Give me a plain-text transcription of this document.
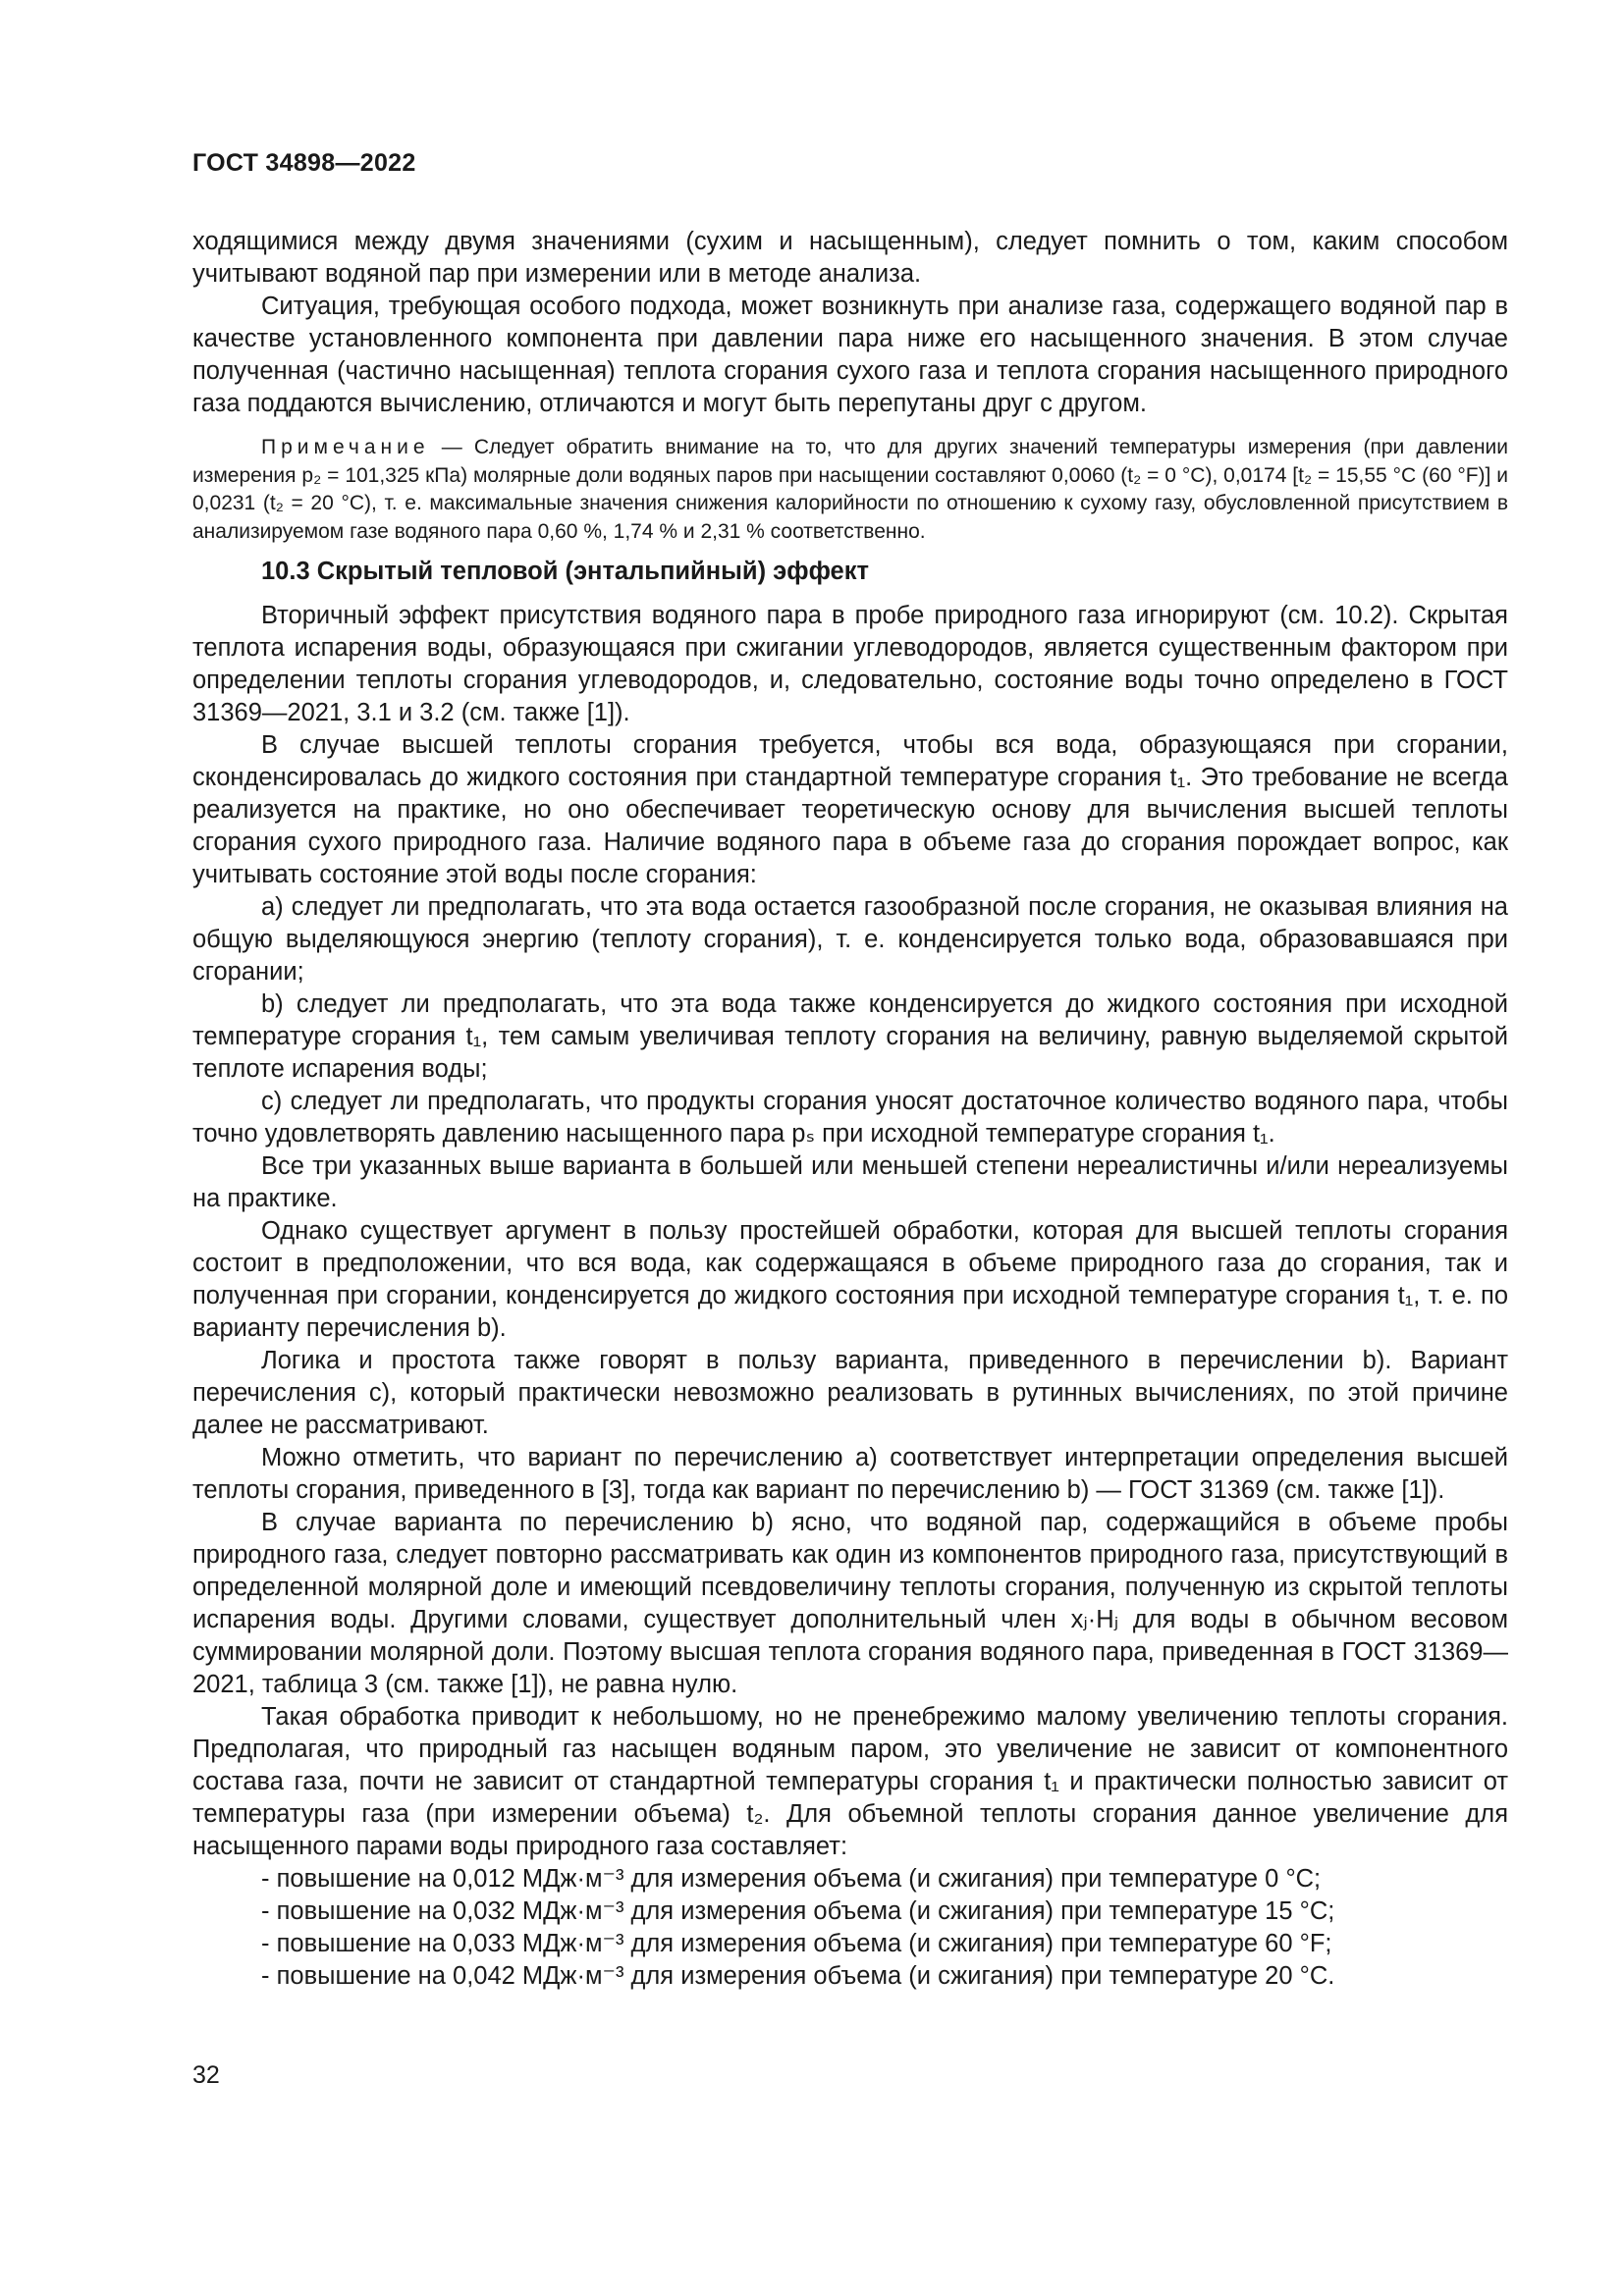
ГОСТ 34898—2022

ходящимися между двумя значениями (сухим и насыщенным), следует помнить о том, каким способом учитывают водяной пар при измерении или в методе анализа.

Ситуация, требующая особого подхода, может возникнуть при анализе газа, содержащего водяной пар в качестве установленного компонента при давлении пара ниже его насыщенного значения. В этом случае полученная (частично насыщенная) теплота сгорания сухого газа и теплота сгорания насыщенного природного газа поддаются вычислению, отличаются и могут быть перепутаны друг с другом.

Примечание — Следует обратить внимание на то, что для других значений температуры измерения (при давлении измерения p₂ = 101,325 кПа) молярные доли водяных паров при насыщении составляют 0,0060 (t₂ = 0 °C), 0,0174 [t₂ = 15,55 °C (60 °F)] и 0,0231 (t₂ = 20 °C), т. е. максимальные значения снижения калорийности по отношению к сухому газу, обусловленной присутствием в анализируемом газе водяного пара 0,60 %, 1,74 % и 2,31 % соответственно.

10.3 Скрытый тепловой (энтальпийный) эффект

Вторичный эффект присутствия водяного пара в пробе природного газа игнорируют (см. 10.2). Скрытая теплота испарения воды, образующаяся при сжигании углеводородов, является существенным фактором при определении теплоты сгорания углеводородов, и, следовательно, состояние воды точно определено в ГОСТ 31369—2021, 3.1 и 3.2 (см. также [1]).

В случае высшей теплоты сгорания требуется, чтобы вся вода, образующаяся при сгорании, сконденсировалась до жидкого состояния при стандартной температуре сгорания t₁. Это требование не всегда реализуется на практике, но оно обеспечивает теоретическую основу для вычисления высшей теплоты сгорания сухого природного газа. Наличие водяного пара в объеме газа до сгорания порождает вопрос, как учитывать состояние этой воды после сгорания:

a) следует ли предполагать, что эта вода остается газообразной после сгорания, не оказывая влияния на общую выделяющуюся энергию (теплоту сгорания), т. е. конденсируется только вода, образовавшаяся при сгорании;

b) следует ли предполагать, что эта вода также конденсируется до жидкого состояния при исходной температуре сгорания t₁, тем самым увеличивая теплоту сгорания на величину, равную выделяемой скрытой теплоте испарения воды;

c) следует ли предполагать, что продукты сгорания уносят достаточное количество водяного пара, чтобы точно удовлетворять давлению насыщенного пара pₛ при исходной температуре сгорания t₁.

Все три указанных выше варианта в большей или меньшей степени нереалистичны и/или нереализуемы на практике.

Однако существует аргумент в пользу простейшей обработки, которая для высшей теплоты сгорания состоит в предположении, что вся вода, как содержащаяся в объеме природного газа до сгорания, так и полученная при сгорании, конденсируется до жидкого состояния при исходной температуре сгорания t₁, т. е. по варианту перечисления b).

Логика и простота также говорят в пользу варианта, приведенного в перечислении b). Вариант перечисления c), который практически невозможно реализовать в рутинных вычислениях, по этой причине далее не рассматривают.

Можно отметить, что вариант по перечислению a) соответствует интерпретации определения высшей теплоты сгорания, приведенного в [3], тогда как вариант по перечислению b) — ГОСТ 31369 (см. также [1]).

В случае варианта по перечислению b) ясно, что водяной пар, содержащийся в объеме пробы природного газа, следует повторно рассматривать как один из компонентов природного газа, присутствующий в определенной молярной доле и имеющий псевдовеличину теплоты сгорания, полученную из скрытой теплоты испарения воды. Другими словами, существует дополнительный член xⱼ·Hⱼ для воды в обычном весовом суммировании молярной доли. Поэтому высшая теплота сгорания водяного пара, приведенная в ГОСТ 31369—2021, таблица 3 (см. также [1]), не равна нулю.

Такая обработка приводит к небольшому, но не пренебрежимо малому увеличению теплоты сгорания. Предполагая, что природный газ насыщен водяным паром, это увеличение не зависит от компонентного состава газа, почти не зависит от стандартной температуры сгорания t₁ и практически полностью зависит от температуры газа (при измерении объема) t₂. Для объемной теплоты сгорания данное увеличение для насыщенного парами воды природного газа составляет:

- повышение на 0,012 МДж·м⁻³ для измерения объема (и сжигания) при температуре 0 °C;

- повышение на 0,032 МДж·м⁻³ для измерения объема (и сжигания) при температуре 15 °C;

- повышение на 0,033 МДж·м⁻³ для измерения объема (и сжигания) при температуре 60 °F;

- повышение на 0,042 МДж·м⁻³ для измерения объема (и сжигания) при температуре 20 °C.

32
